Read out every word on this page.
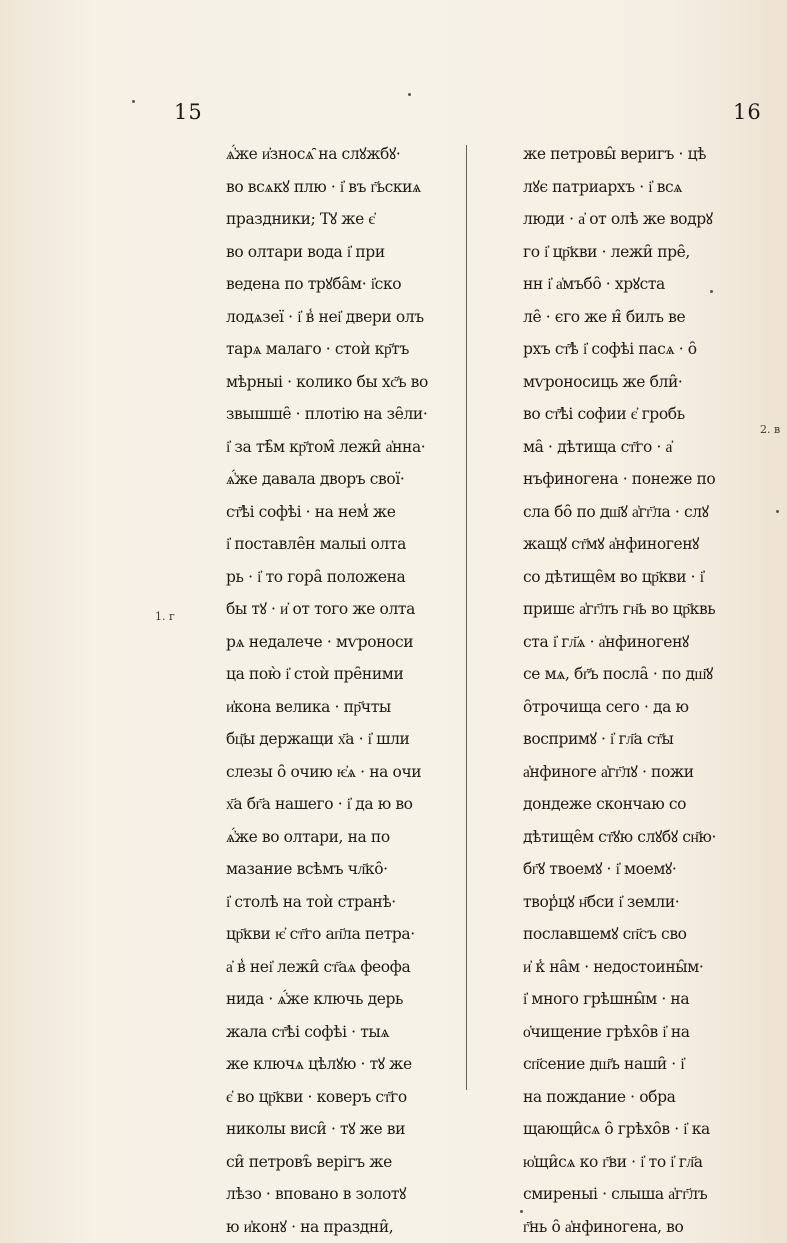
15	16
1. г
2. в
ѧ҆́же и҆зносѧ̑ на слꙋжбꙋ·
во всѧкꙋ плю · і҆ въ г҃ьскиѧ
праздники; Тꙋ же є҆
во олтари вода і҆ при
ведена по трꙋба̑м· і҆ско
лодѧзеї · і҆ в̾ неі҆ двери олъ
тарѧ малаго · стоѝ кр҃тъ
мѣрныі · колико бы хс҃ъ во
звышше̑ · плотію на зе̑ли·
і҆ за тѣ̑м кр҃том̑ лежи̑ а҆нна·
ѧ҆́же давала дворъ свої·
ст҃ѣі софѣі · на нем̾ же
і҆ поставле̑н малыі олта
рь · і҆ то гора̑ положена
бы тꙋ · и҆ от того же олта
рѧ недалече · мѵроноси
ца пою̀ і҆ стоѝ пре̑ними
и҆кона велика · пр҃чты
бц҃ы держащи х҃а · і҆ шли
слезы о̑ очию ѥ҆ѧ · на очи
х҃а бг҃а нашего · і҆ да ю во
ѧ҆́же во олтари, на по
мазание всѣмъ чл҃ко̑·
і҆ столѣ на тоѝ странѣ·
цр҃кви ѥ҆ ст҃го ап҃ла петра·
а҆ в̾ неі҆ лежи̑ ст҃аѧ феофа
нида · ѧ҆́же ключь дерь
жала ст҃ѣі софѣі · тыѧ
же ключѧ цѣлꙋю · тꙋ же
є҆ во цр҃кви · коверъ ст҃го
николы виси̑ · тꙋ же ви
си̑ петровъ̑ верігъ же
лѣзо · вповано в золотꙋ
ю и҆конꙋ · на праздни̑,
же петровы̑ веригъ · цѣ
лꙋє патриархъ · і҆ всѧ
люди · а҆ от олѣ же водрꙋ
го і҆ цр҃кви · лежи̑ пре̑,
нн і҆ а҆мъбо̑ · хрꙋста
ле̑ · єго же н̑ билъ ве
рхъ ст҃ѣ і҆ софѣі пасѧ · о̑
мѵроносиць же бли̑·
во ст҃ѣі софии є҆ гробь
ма̑ · дѣтища ст҃го · а҆
нъфиногена · понеже по
сла бо̑ по дш҃ꙋ а҆гг҃ла · слꙋ
жащꙋ ст҃мꙋ а҆нфиногенꙋ
со дѣтище̑м во цр҃кви · і҆
пришє а҆гг҃лъ гн҃ь во цр҃квь
ста і҆ гл҃ѧ · а҆нфиногенꙋ
се мѧ, бг҃ъ посла̑ · по дш҃ꙋ
о̑трочища сего · да ю
воспримꙋ · і҆ гл҃а ст҃ы
а҆нфиноге а҆гг҃лꙋ · пожи
дондеже скончаю со
дѣтище̑м ст҃ꙋю слꙋбꙋ сн҃ю·
бг҃ꙋ твоемꙋ · і҆ моемꙋ·
твор̾цꙋ н҃бси і҆ земли·
пославшемꙋ сп҃съ сво
и҆ к̾ на̑м · недостоины̑м·
і҆ много грѣшны̑м · на
о҆чищение грѣхо̑в і҆ на
сп҃сение дш҃ъ наши̑ · і҆
на пождание · обра
щающи̑сѧ о̑ грѣхо̑в · і҆ ка
ю҆щи̑сѧ ко г҃ви · і҆ то і҆ гл҃а
смиреныі · слыша а҆гг҃лъ
г҃нь о̑ а҆нфиногена, во
